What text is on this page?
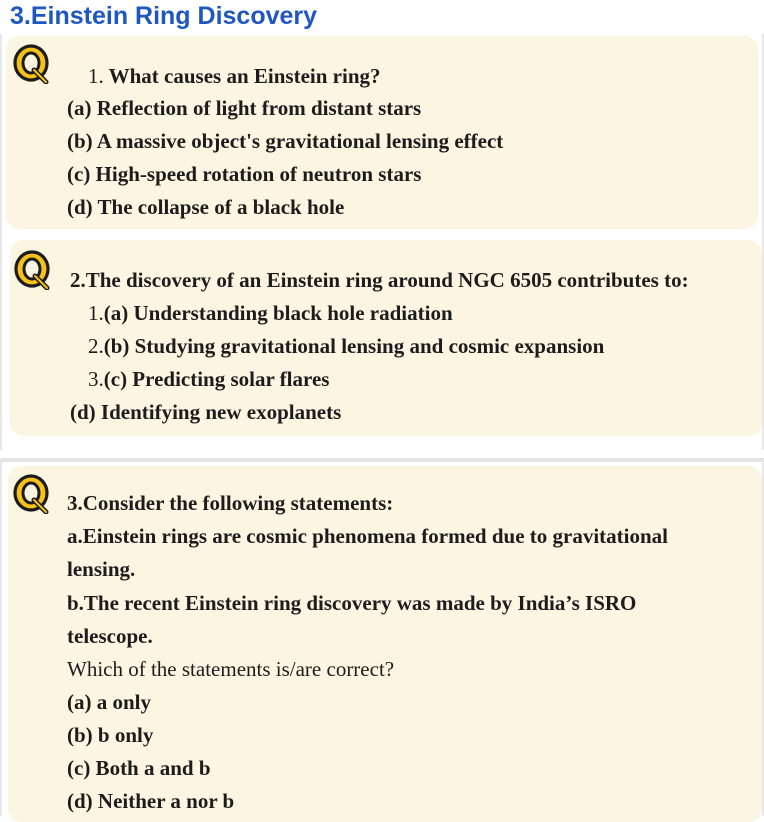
3.Einstein Ring Discovery
1. What causes an Einstein ring?
(a) Reflection of light from distant stars
(b) A massive object's gravitational lensing effect
(c) High-speed rotation of neutron stars
(d) The collapse of a black hole
2.The discovery of an Einstein ring around NGC 6505 contributes to:
1.(a) Understanding black hole radiation
2.(b) Studying gravitational lensing and cosmic expansion
3.(c) Predicting solar flares
(d) Identifying new exoplanets
3.Consider the following statements:
a.Einstein rings are cosmic phenomena formed due to gravitational
lensing.
b.The recent Einstein ring discovery was made by India’s ISRO
telescope.
Which of the statements is/are correct?
(a) a only
(b) b only
(c) Both a and b
(d) Neither a nor b
